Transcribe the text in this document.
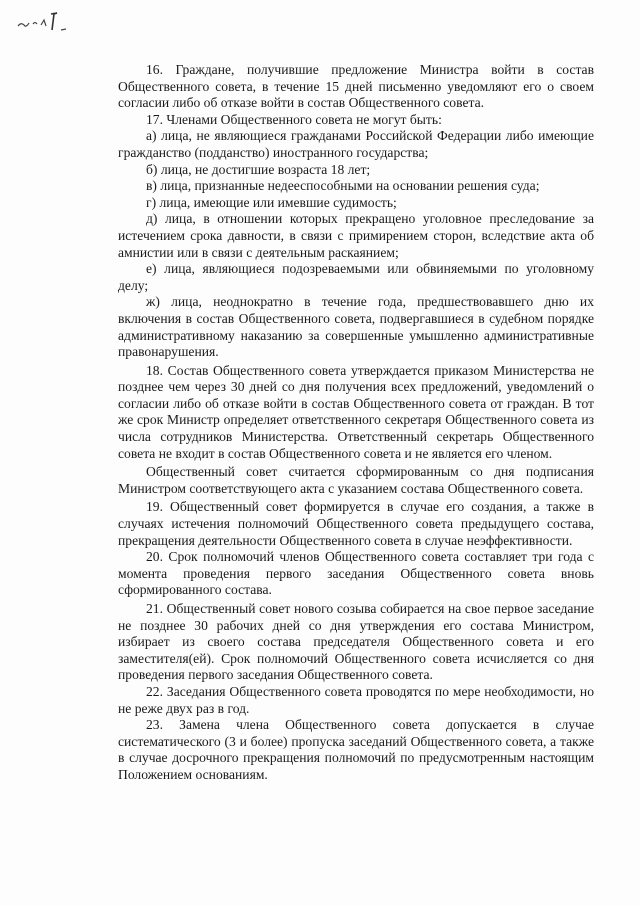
16. Граждане, получившие предложение Министра войти в состав Общественного совета, в течение 15 дней письменно уведомляют его о своем согласии либо об отказе войти в состав Общественного совета.

17. Членами Общественного совета не могут быть:

а) лица, не являющиеся гражданами Российской Федерации либо имеющие гражданство (подданство) иностранного государства;

б) лица, не достигшие возраста 18 лет;

в) лица, признанные недееспособными на основании решения суда;

г) лица, имеющие или имевшие судимость;

д) лица, в отношении которых прекращено уголовное преследование за истечением срока давности, в связи с примирением сторон, вследствие акта об амнистии или в связи с деятельным раскаянием;

е) лица, являющиеся подозреваемыми или обвиняемыми по уголовному делу;

ж) лица, неоднократно в течение года, предшествовавшего дню их включения в состав Общественного совета, подвергавшиеся в судебном порядке административному наказанию за совершенные умышленно административные правонарушения.

18. Состав Общественного совета утверждается приказом Министерства не позднее чем через 30 дней со дня получения всех предложений, уведомлений о согласии либо об отказе войти в состав Общественного совета от граждан. В тот же срок Министр определяет ответственного секретаря Общественного совета из числа сотрудников Министерства. Ответственный секретарь Общественного совета не входит в состав Общественного совета и не является его членом.

Общественный совет считается сформированным со дня подписания Министром соответствующего акта с указанием состава Общественного совета.

19. Общественный совет формируется в случае его создания, а также в случаях истечения полномочий Общественного совета предыдущего состава, прекращения деятельности Общественного совета в случае неэффективности.

20. Срок полномочий членов Общественного совета составляет три года с момента проведения первого заседания Общественного совета вновь сформированного состава.

21. Общественный совет нового созыва собирается на свое первое заседание не позднее 30 рабочих дней со дня утверждения его состава Министром, избирает из своего состава председателя Общественного совета и его заместителя(ей). Срок полномочий Общественного совета исчисляется со дня проведения первого заседания Общественного совета.

22. Заседания Общественного совета проводятся по мере необходимости, но не реже двух раз в год.

23. Замена члена Общественного совета допускается в случае систематического (3 и более) пропуска заседаний Общественного совета, а также в случае досрочного прекращения полномочий по предусмотренным настоящим Положением основаниям.
